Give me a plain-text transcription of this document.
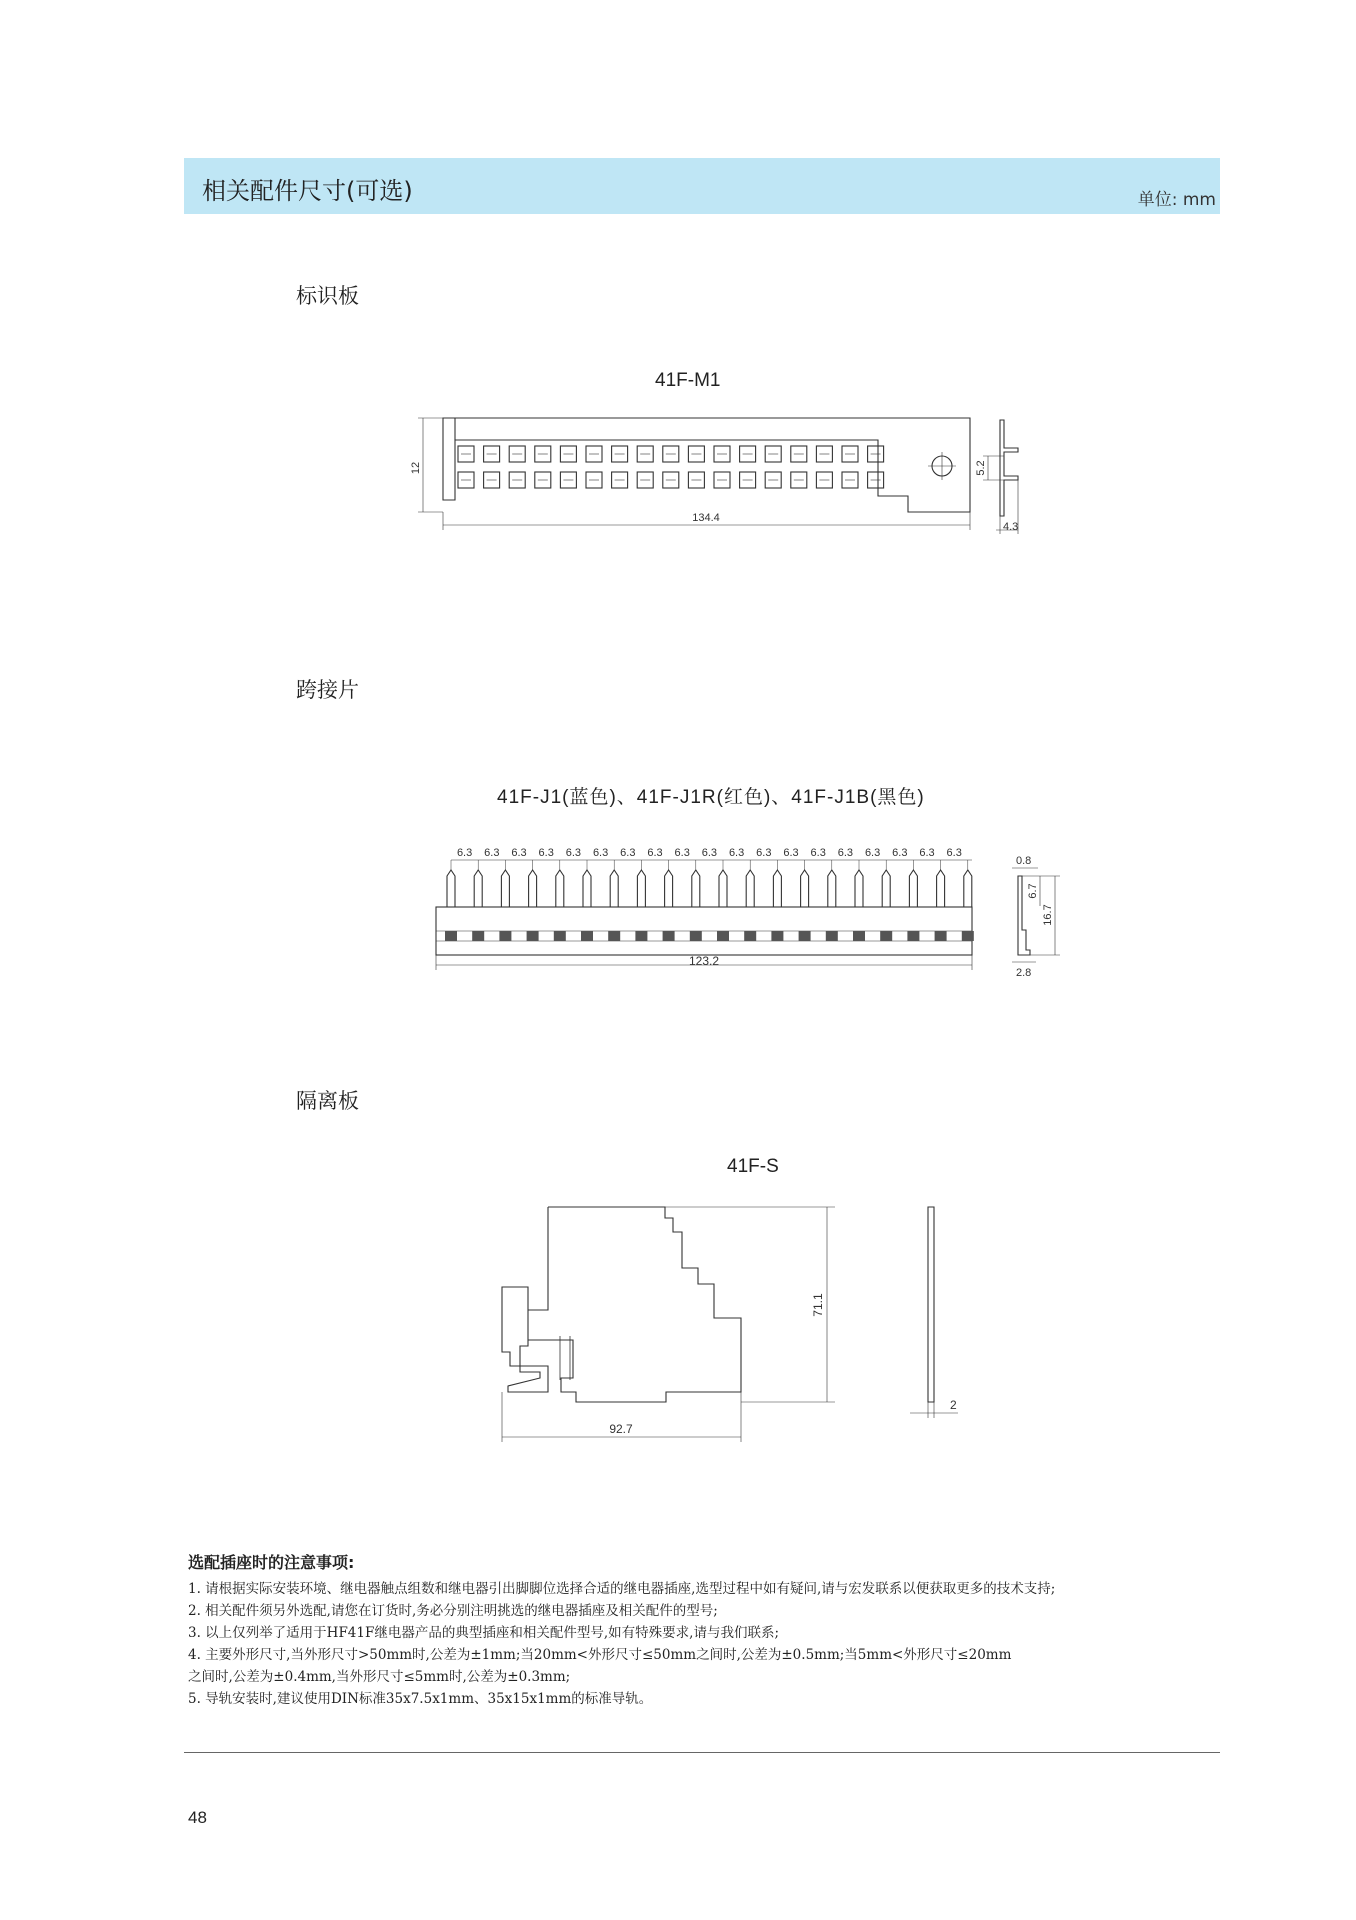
相关配件尺寸(可选)	单位: mm
标识板
41F-M1
跨接片
41F-J1(蓝色)、41F-J1R(红色)、41F-J1B(黑色)
隔离板
41F-S
12
134.4
5.2
4.3
6.3 6.3 6.3 6.3 6.3 6.3 6.3 6.3 6.3 6.3 6.3 6.3 6.3 6.3 6.3 6.3 6.3 6.3 6.3
123.2
0.8
6.7
16.7
2.8
71.1
92.7
2
选配插座时的注意事项:
1. 请根据实际安装环境、继电器触点组数和继电器引出脚脚位选择合适的继电器插座,选型过程中如有疑问,请与宏发联系以便获取更多的技术支持;
2. 相关配件须另外选配,请您在订货时,务必分别注明挑选的继电器插座及相关配件的型号;
3. 以上仅列举了适用于HF41F继电器产品的典型插座和相关配件型号,如有特殊要求,请与我们联系;
4. 主要外形尺寸,当外形尺寸>50mm时,公差为±1mm;当20mm<外形尺寸≤50mm之间时,公差为±0.5mm;当5mm<外形尺寸≤20mm
之间时,公差为±0.4mm,当外形尺寸≤5mm时,公差为±0.3mm;
5. 导轨安装时,建议使用DIN标准35x7.5x1mm、35x15x1mm的标准导轨。
48
